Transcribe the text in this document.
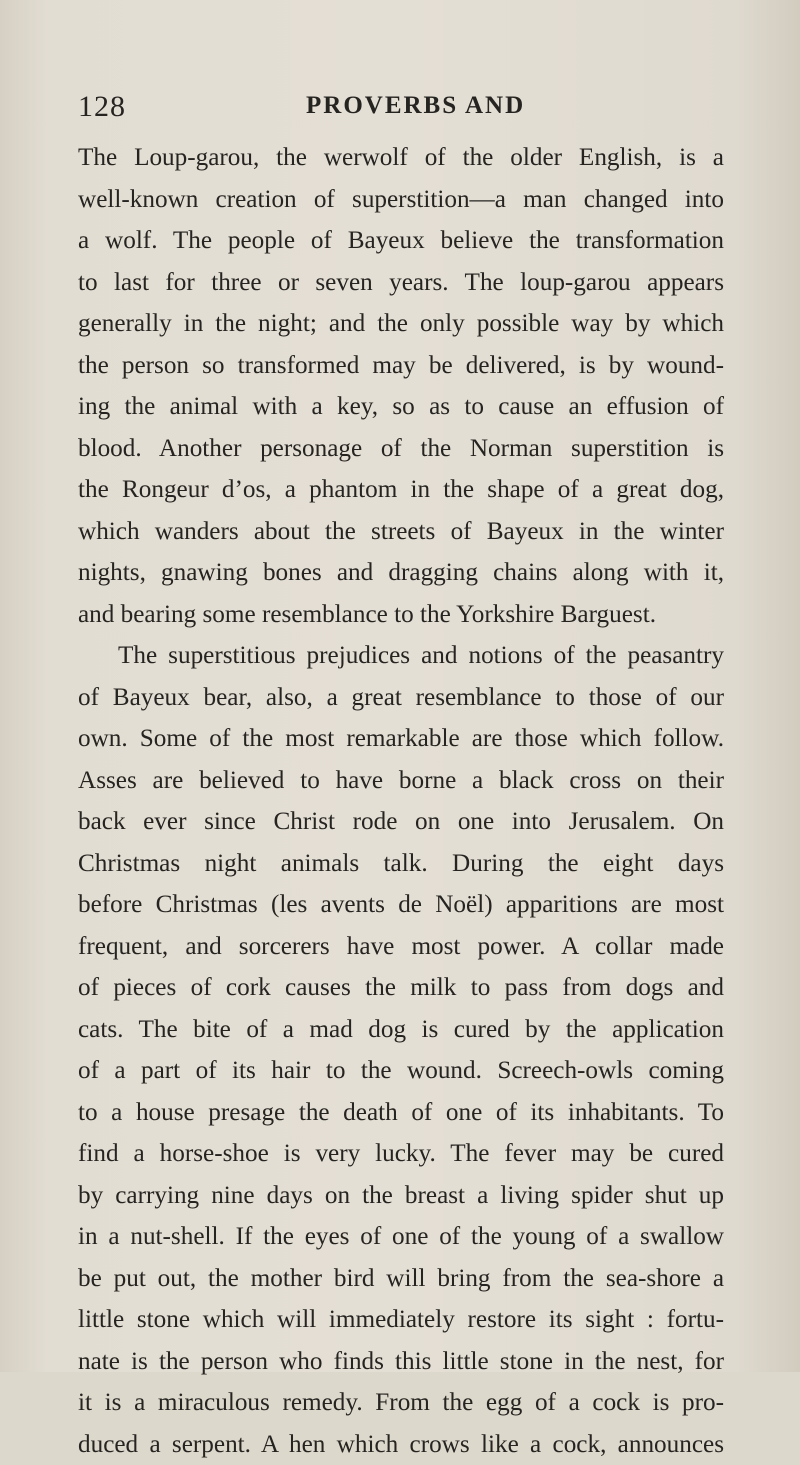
128	PROVERBS AND
The Loup-garou, the werwolf of the older English, is a
well-known creation of superstition—a man changed into
a wolf. The people of Bayeux believe the transformation
to last for three or seven years. The loup-garou appears
generally in the night; and the only possible way by which
the person so transformed may be delivered, is by wound-
ing the animal with a key, so as to cause an effusion of
blood. Another personage of the Norman superstition is
the Rongeur d’os, a phantom in the shape of a great dog,
which wanders about the streets of Bayeux in the winter
nights, gnawing bones and dragging chains along with it,
and bearing some resemblance to the Yorkshire Barguest.
The superstitious prejudices and notions of the peasantry
of Bayeux bear, also, a great resemblance to those of our
own. Some of the most remarkable are those which follow.
Asses are believed to have borne a black cross on their
back ever since Christ rode on one into Jerusalem. On
Christmas night animals talk. During the eight days
before Christmas (les avents de Noël) apparitions are most
frequent, and sorcerers have most power. A collar made
of pieces of cork causes the milk to pass from dogs and
cats. The bite of a mad dog is cured by the application
of a part of its hair to the wound. Screech-owls coming
to a house presage the death of one of its inhabitants. To
find a horse-shoe is very lucky. The fever may be cured
by carrying nine days on the breast a living spider shut up
in a nut-shell. If the eyes of one of the young of a swallow
be put out, the mother bird will bring from the sea-shore a
little stone which will immediately restore its sight : fortu-
nate is the person who finds this little stone in the nest, for
it is a miraculous remedy. From the egg of a cock is pro-
duced a serpent. A hen which crows like a cock, announces
